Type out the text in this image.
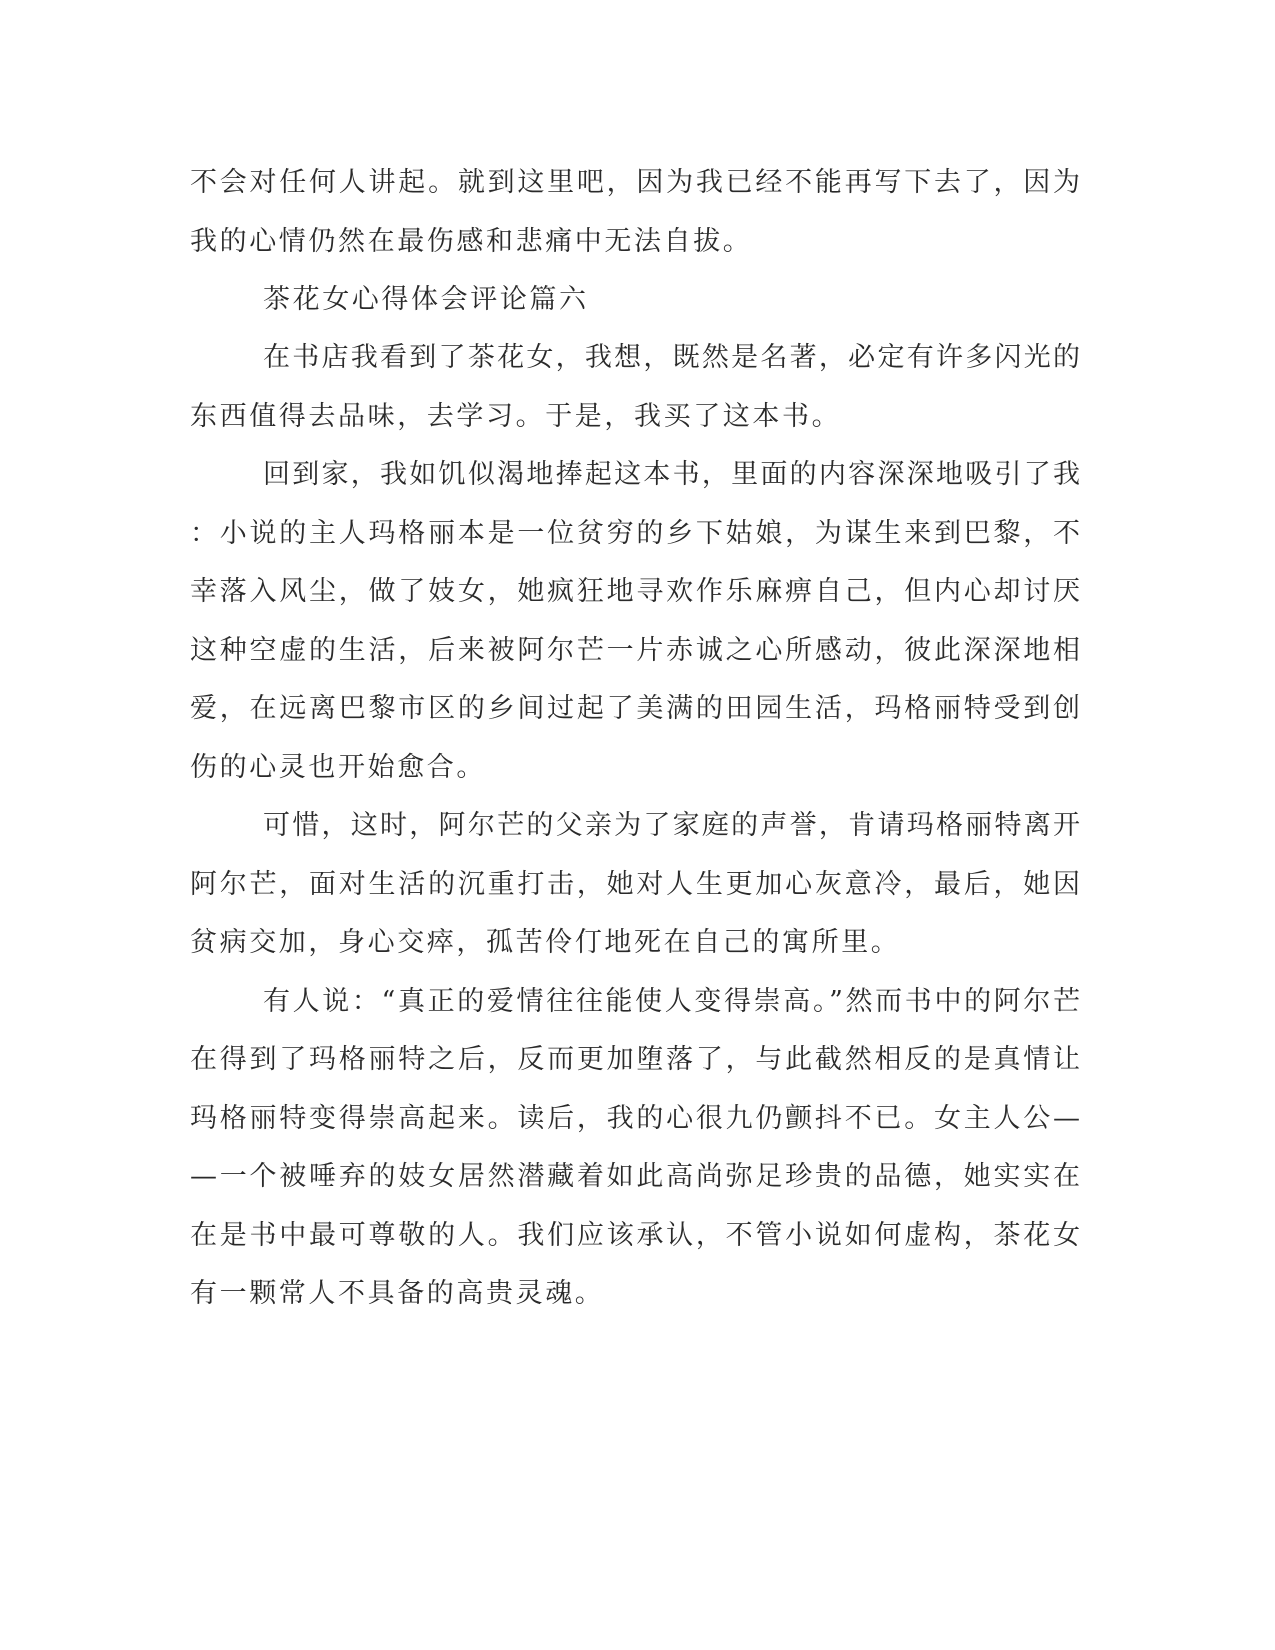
不会对任何人讲起。就到这里吧，因为我已经不能再写下去了，因为
我的心情仍然在最伤感和悲痛中无法自拔。
茶花女心得体会评论篇六
在书店我看到了茶花女，我想，既然是名著，必定有许多闪光的
东西值得去品味，去学习。于是，我买了这本书。
回到家，我如饥似渴地捧起这本书，里面的内容深深地吸引了我
：小说的主人玛格丽本是一位贫穷的乡下姑娘，为谋生来到巴黎，不
幸落入风尘，做了妓女，她疯狂地寻欢作乐麻痹自己，但内心却讨厌
这种空虚的生活，后来被阿尔芒一片赤诚之心所感动，彼此深深地相
爱，在远离巴黎市区的乡间过起了美满的田园生活，玛格丽特受到创
伤的心灵也开始愈合。
可惜，这时，阿尔芒的父亲为了家庭的声誉，肯请玛格丽特离开
阿尔芒，面对生活的沉重打击，她对人生更加心灰意冷，最后，她因
贫病交加，身心交瘁，孤苦伶仃地死在自己的寓所里。
有人说：“真正的爱情往往能使人变得崇高。”然而书中的阿尔芒
在得到了玛格丽特之后，反而更加堕落了，与此截然相反的是真情让
玛格丽特变得崇高起来。读后，我的心很九仍颤抖不已。女主人公—
—一个被唾弃的妓女居然潜藏着如此高尚弥足珍贵的品德，她实实在
在是书中最可尊敬的人。我们应该承认，不管小说如何虚构，茶花女
有一颗常人不具备的高贵灵魂。
